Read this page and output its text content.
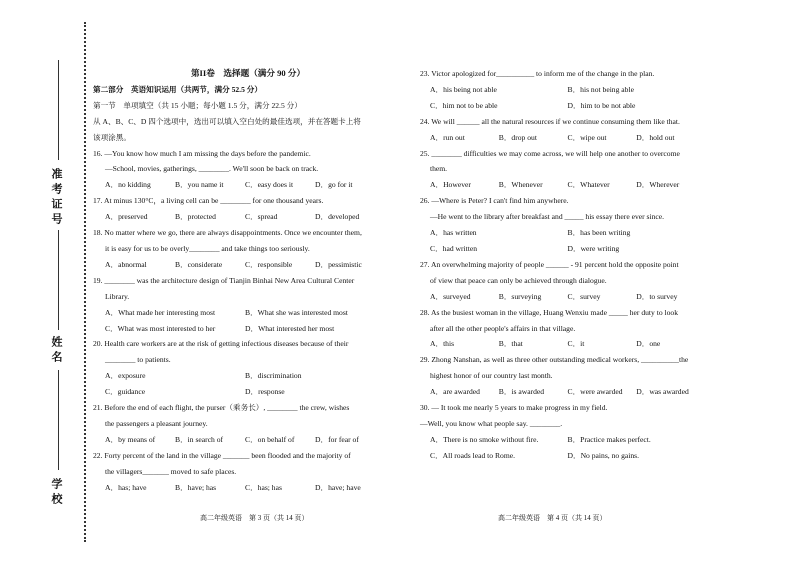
准考证号
姓名
学校
第II卷　选择题（满分 90 分）
第二部分　英语知识运用（共两节，满分 52.5 分）
第一节　单项填空（共 15 小题；每小题 1.5 分，满分 22.5 分）
从 A、B、C、D 四个选项中，选出可以填入空白处的最佳选项，并在答题卡上将
该项涂黑。
16. —You know how much I am missing the days before the pandemic.
—School, movies, gatherings, ________. We'll soon be back on track.
A．no kidding	B．you name it	C．easy does it	D．go for it
17. At minus 130°C，a living cell can be ________ for one thousand years.
A．preserved	B．protected	C．spread	D．developed
18. No matter where we go, there are always disappointments. Once we encounter them,
it is easy for us to be overly________ and take things too seriously.
A．abnormal	B．considerate	C．responsible	D．pessimistic
19. ________ was the architecture design of Tianjin Binhai New Area Cultural Center
Library.
A．What made her interesting most	B．What she was interested most
C．What was most interested to her	D．What interested her most
20. Health care workers are at the risk of getting infectious diseases because of their
________ to patients.
A．exposure	B．discrimination
C．guidance	D．response
21. Before the end of each flight, the purser（乘务长）, ________ the crew, wishes
the passengers a pleasant journey.
A．by means of	B．in search of	C．on behalf of	D．for fear of
22. Forty percent of the land in the village _______ been flooded and the majority of
the villagers_______ moved to safe places.
A．has; have	B．have; has	C．has; has	D．have; have
23. Victor apologized for__________ to inform me of the change in the plan.
A．his being not able	B．his not being able
C．him not to be able	D．him to be not able
24. We will ______ all the natural resources if we continue consuming them like that.
A．run out	B．drop out	C．wipe out	D．hold out
25. ________ difficulties we may come across, we will help one another to overcome
them.
A．However	B．Whenever	C．Whatever	D．Wherever
26. —Where is Peter? I can't find him anywhere.
—He went to the library after breakfast and _____ his essay there ever since.
A．has written	B．has been writing
C．had written	D．were writing
27. An overwhelming majority of people ______ - 91 percent hold the opposite point
of view that peace can only be achieved through dialogue.
A．surveyed	B．surveying	C．survey	D．to survey
28. As the busiest woman in the village, Huang Wenxiu made _____ her duty to look
after all the other people's affairs in that village.
A．this	B．that	C．it	D．one
29. Zhong Nanshan, as well as three other outstanding medical workers, __________the
highest honor of our country last month.
A．are awarded	B．is awarded	C．were awarded	D．was awarded
30. — It took me nearly 5 years to make progress in my field.
—Well, you know what people say. ________.
A．There is no smoke without fire.	B．Practice makes perfect.
C．All roads lead to Rome.	D．No pains, no gains.
高二年级英语　第 3 页（共 14 页）	高二年级英语　第 4 页（共 14 页）
